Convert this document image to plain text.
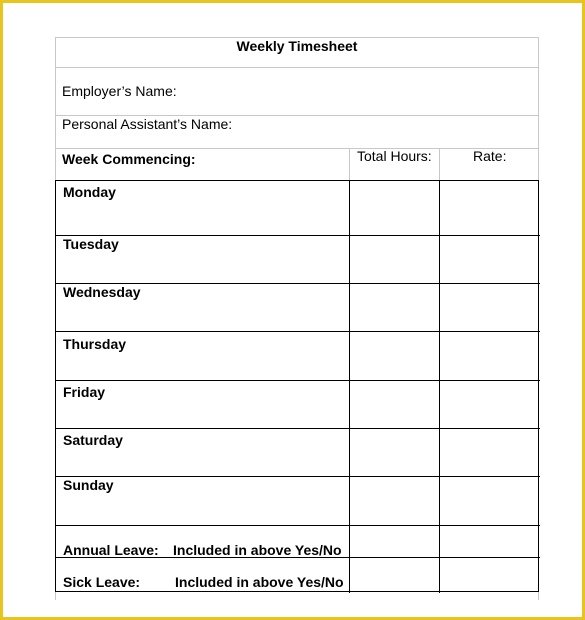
Weekly Timesheet
Employer’s Name:
Personal Assistant’s Name:
Week Commencing:	Total Hours:	Rate:
Monday
Tuesday
Wednesday
Thursday
Friday
Saturday
Sunday
Annual Leave: Included in above Yes/No
Sick Leave: Included in above Yes/No
